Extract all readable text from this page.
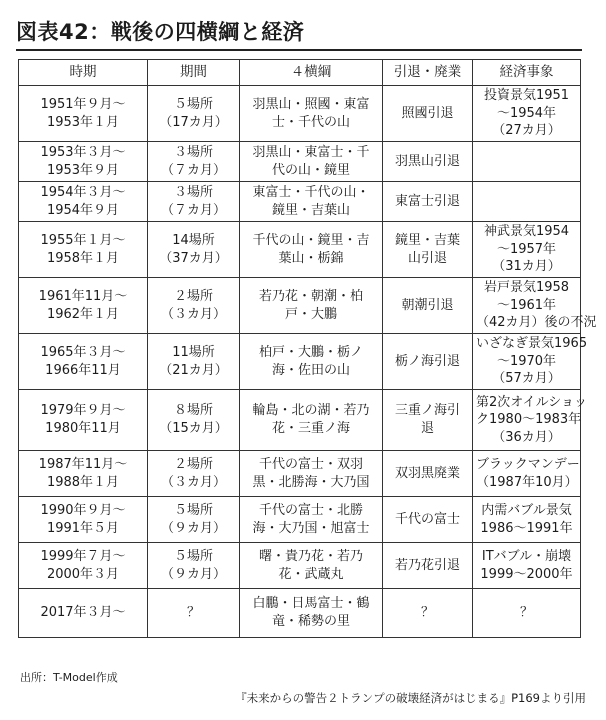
図表42：戦後の四横綱と経済
時期	期間	４横綱	引退・廃業	経済事象

1951年９月～
1953年１月	５場所
（17カ月）	羽黒山・照國・東富
士・千代の山	照國引退	投資景気1951
～1954年
（27カ月）

1953年３月～
1953年９月	３場所
（７カ月）	羽黒山・東富士・千
代の山・鏡里	羽黒山引退	

1954年３月～
1954年９月	３場所
（７カ月）	東富士・千代の山・
鏡里・吉葉山	東富士引退	

1955年１月～
1958年１月	14場所
（37カ月）	千代の山・鏡里・吉
葉山・栃錦	鏡里・吉葉
山引退	神武景気1954
～1957年
（31カ月）

1961年11月～
1962年１月	２場所
（３カ月）	若乃花・朝潮・柏
戸・大鵬	朝潮引退	岩戸景気1958
～1961年
（42カ月）後の不況

1965年３月～
1966年11月	11場所
（21カ月）	柏戸・大鵬・栃ノ
海・佐田の山	栃ノ海引退	いざなぎ景気1965
～1970年
（57カ月）

1979年９月～
1980年11月	８場所
（15カ月）	輪島・北の湖・若乃
花・三重ノ海	三重ノ海引
退	第2次オイルショッ
ク1980～1983年
（36カ月）

1987年11月～
1988年１月	２場所
（３カ月）	千代の富士・双羽
黒・北勝海・大乃国	双羽黒廃業	ブラックマンデー
（1987年10月）

1990年９月～
1991年５月	５場所
（９カ月）	千代の富士・北勝
海・大乃国・旭富士	千代の富士	内需バブル景気
1986～1991年

1999年７月～
2000年３月	５場所
（９カ月）	曙・貴乃花・若乃
花・武蔵丸	若乃花引退	ITバブル・崩壊
1999～2000年

2017年３月～	？	白鵬・日馬富士・鶴
竜・稀勢の里	？	？
出所：T-Model作成
『未来からの警告２トランプの破壊経済がはじまる』P169より引用
